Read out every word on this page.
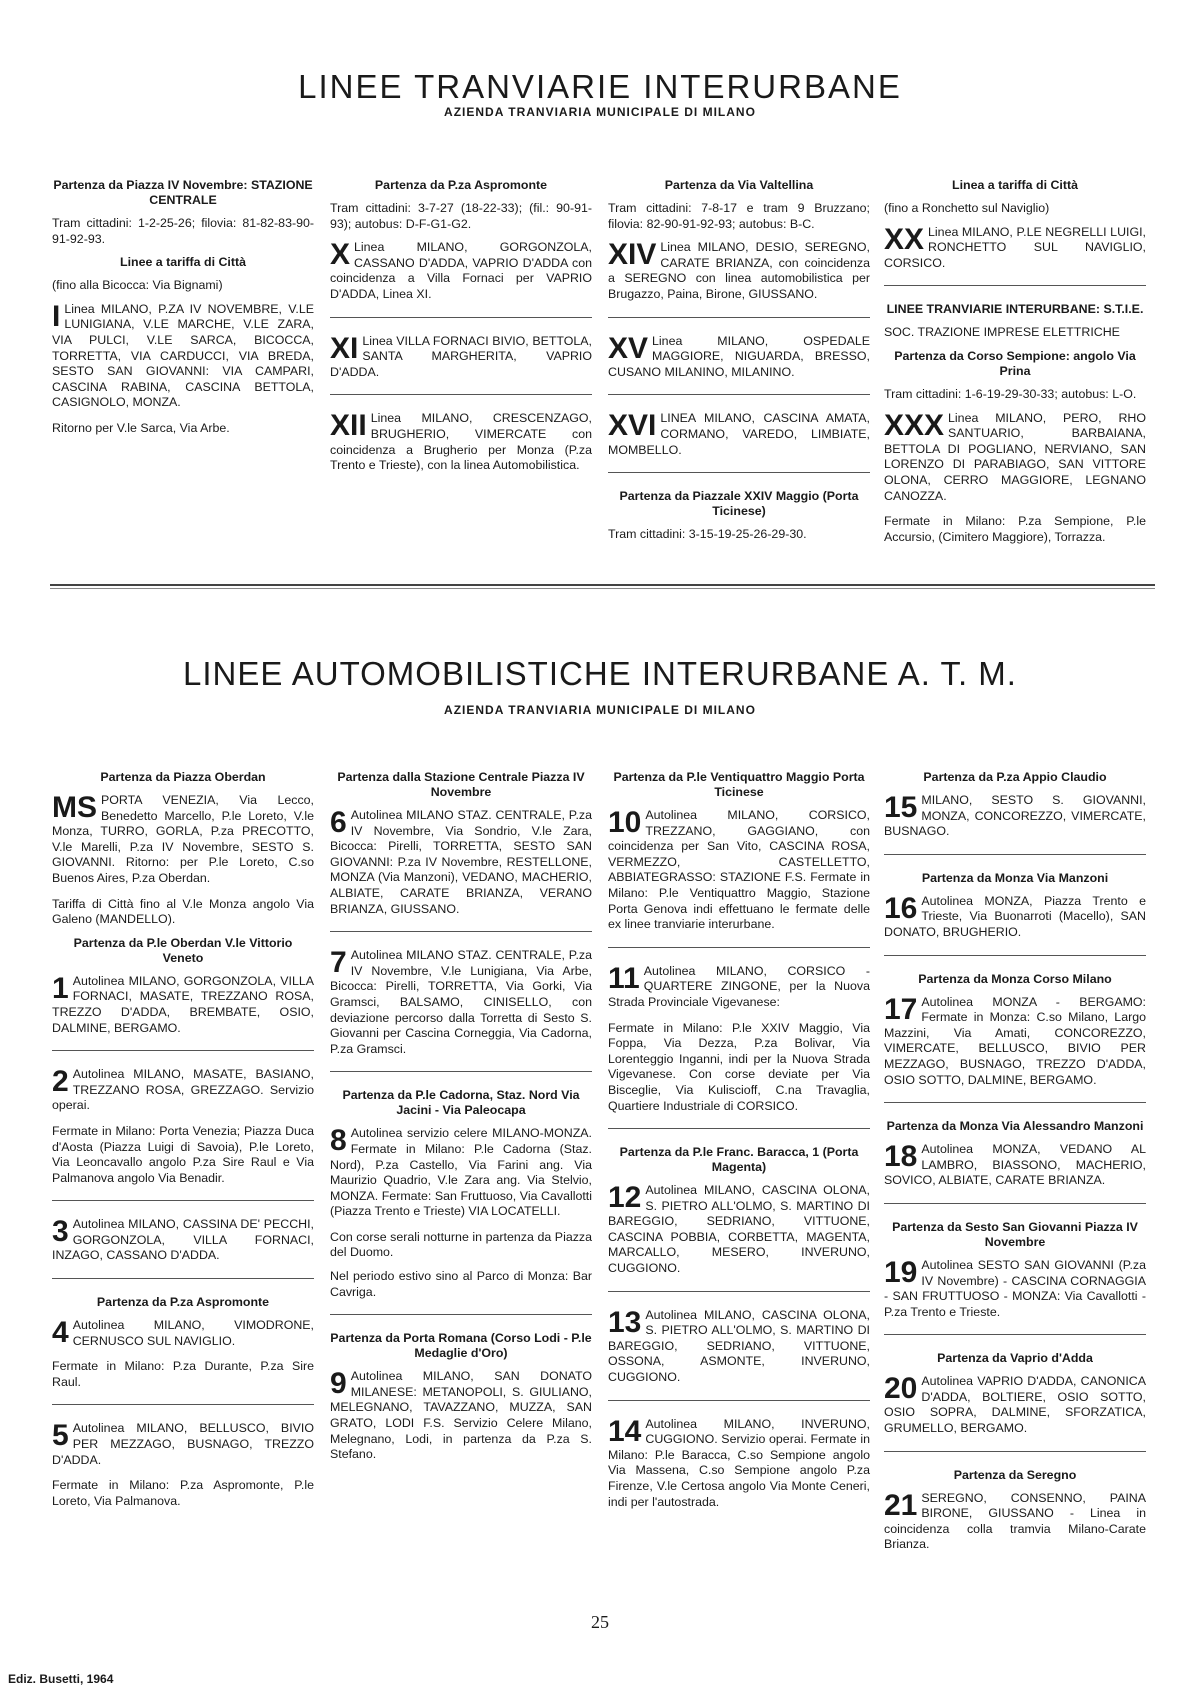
LINEE TRANVIARIE INTERURBANE
AZIENDA TRANVIARIA MUNICIPALE DI MILANO
Partenza da Piazza IV Novembre: STAZIONE CENTRALE
Tram cittadini: 1-2-25-26; filovia: 81-82-83-90-91-92-93.
Linee a tariffa di Città
(fino alla Bicocca: Via Bignami)
I Linea MILANO, P.ZA IV NOVEMBRE, V.LE LUNIGIANA, V.LE MARCHE, V.LE ZARA, VIA PULCI, V.LE SARCA, BICOCCA, TORRETTA, VIA CARDUCCI, VIA BREDA, SESTO SAN GIOVANNI: VIA CAMPARI, CASCINA RABINA, CASCINA BETTOLA, CASIGNOLO, MONZA.
Ritorno per V.le Sarca, Via Arbe.
Partenza da P.za Aspromonte
Tram cittadini: 3-7-27 (18-22-33); (fil.: 90-91-93); autobus: D-F-G1-G2.
X Linea MILANO, GORGONZOLA, CASSANO D'ADDA, VAPRIO D'ADDA con coincidenza a Villa Fornaci per VAPRIO D'ADDA, Linea XI.
XI Linea VILLA FORNACI BIVIO, BETTOLA, SANTA MARGHERITA, VAPRIO D'ADDA.
XII Linea MILANO, CRESCENZAGO, BRUGHERIO, VIMERCATE con coincidenza a Brugherio per Monza (P.za Trento e Trieste), con la linea Automobilistica.
Partenza da Via Valtellina
Tram cittadini: 7-8-17 e tram 9 Bruzzano; filovia: 82-90-91-92-93; autobus: B-C.
XIV Linea MILANO, DESIO, SEREGNO, CARATE BRIANZA, con coincidenza a SEREGNO con linea automobilistica per Brugazzo, Paina, Birone, GIUSSANO.
XV Linea MILANO, OSPEDALE MAGGIORE, NIGUARDA, BRESSO, CUSANO MILANINO, MILANINO.
XVI LINEA MILANO, CASCINA AMATA, CORMANO, VAREDO, LIMBIATE, MOMBELLO.
Partenza da Piazzale XXIV Maggio (Porta Ticinese)
Tram cittadini: 3-15-19-25-26-29-30.
Linea a tariffa di Città
(fino a Ronchetto sul Naviglio)
XX Linea MILANO, P.LE NEGRELLI LUIGI, RONCHETTO SUL NAVIGLIO, CORSICO.
LINEE TRANVIARIE INTERURBANE: S.T.I.E.
SOC. TRAZIONE IMPRESE ELETTRICHE
Partenza da Corso Sempione: angolo Via Prina
Tram cittadini: 1-6-19-29-30-33; autobus: L-O.
XXX Linea MILANO, PERO, RHO SANTUARIO, BARBAIANA, BETTOLA DI POGLIANO, NERVIANO, SAN LORENZO DI PARABIAGO, SAN VITTORE OLONA, CERRO MAGGIORE, LEGNANO CANOZZA.
Fermate in Milano: P.za Sempione, P.le Accursio, (Cimitero Maggiore), Torrazza.
LINEE AUTOMOBILISTICHE INTERURBANE A. T. M.
AZIENDA TRANVIARIA MUNICIPALE DI MILANO
Partenza da Piazza Oberdan
MS PORTA VENEZIA, Via Lecco, Benedetto Marcello, P.le Loreto, V.le Monza, TURRO, GORLA, P.za PRECOTTO, V.le Marelli, P.za IV Novembre, SESTO S. GIOVANNI. Ritorno: per P.le Loreto, C.so Buenos Aires, P.za Oberdan.
Tariffa di Città fino al V.le Monza angolo Via Galeno (MANDELLO).
Partenza da P.le Oberdan V.le Vittorio Veneto
1 Autolinea MILANO, GORGONZOLA, VILLA FORNACI, MASATE, TREZZANO ROSA, TREZZO D'ADDA, BREMBATE, OSIO, DALMINE, BERGAMO.
2 Autolinea MILANO, MASATE, BASIANO, TREZZANO ROSA, GREZZAGO. Servizio operai.
Fermate in Milano: Porta Venezia; Piazza Duca d'Aosta (Piazza Luigi di Savoia), P.le Loreto, Via Leoncavallo angolo P.za Sire Raul e Via Palmanova angolo Via Benadir.
3 Autolinea MILANO, CASSINA DE' PECCHI, GORGONZOLA, VILLA FORNACI, INZAGO, CASSANO D'ADDA.
Partenza da P.za Aspromonte
4 Autolinea MILANO, VIMODRONE, CERNUSCO SUL NAVIGLIO.
Fermate in Milano: P.za Durante, P.za Sire Raul.
5 Autolinea MILANO, BELLUSCO, BIVIO PER MEZZAGO, BUSNAGO, TREZZO D'ADDA.
Fermate in Milano: P.za Aspromonte, P.le Loreto, Via Palmanova.
Partenza dalla Stazione Centrale Piazza IV Novembre
6 Autolinea MILANO STAZ. CENTRALE, P.za IV Novembre, Via Sondrio, V.le Zara, Bicocca: Pirelli, TORRETTA, SESTO SAN GIOVANNI: P.za IV Novembre, RESTELLONE, MONZA (Via Manzoni), VEDANO, MACHERIO, ALBIATE, CARATE BRIANZA, VERANO BRIANZA, GIUSSANO.
7 Autolinea MILANO STAZ. CENTRALE, P.za IV Novembre, V.le Lunigiana, Via Arbe, Bicocca: Pirelli, TORRETTA, Via Gorki, Via Gramsci, BALSAMO, CINISELLO, con deviazione percorso dalla Torretta di Sesto S. Giovanni per Cascina Corneggia, Via Cadorna, P.za Gramsci.
Partenza da P.le Cadorna, Staz. Nord Via Jacini - Via Paleocapa
8 Autolinea servizio celere MILANO-MONZA. Fermate in Milano: P.le Cadorna (Staz. Nord), P.za Castello, Via Farini ang. Via Maurizio Quadrio, V.le Zara ang. Via Stelvio, MONZA. Fermate: San Fruttuoso, Via Cavallotti (Piazza Trento e Trieste) VIA LOCATELLI.
Con corse serali notturne in partenza da Piazza del Duomo.
Nel periodo estivo sino al Parco di Monza: Bar Cavriga.
Partenza da Porta Romana (Corso Lodi - P.le Medaglie d'Oro)
9 Autolinea MILANO, SAN DONATO MILANESE: METANOPOLI, S. GIULIANO, MELEGNANO, TAVAZZANO, MUZZA, SAN GRATO, LODI F.S. Servizio Celere Milano, Melegnano, Lodi, in partenza da P.za S. Stefano.
Partenza da P.le Ventiquattro Maggio Porta Ticinese
10 Autolinea MILANO, CORSICO, TREZZANO, GAGGIANO, con coincidenza per San Vito, CASCINA ROSA, VERMEZZO, CASTELLETTO, ABBIATEGRASSO: STAZIONE F.S. Fermate in Milano: P.le Ventiquattro Maggio, Stazione Porta Genova indi effettuano le fermate delle ex linee tranviarie interurbane.
11 Autolinea MILANO, CORSICO - QUARTERE ZINGONE, per la Nuova Strada Provinciale Vigevanese:
Fermate in Milano: P.le XXIV Maggio, Via Foppa, Via Dezza, P.za Bolivar, Via Lorenteggio Inganni, indi per la Nuova Strada Vigevanese. Con corse deviate per Via Bisceglie, Via Kuliscioff, C.na Travaglia, Quartiere Industriale di CORSICO.
Partenza da P.le Franc. Baracca, 1 (Porta Magenta)
12 Autolinea MILANO, CASCINA OLONA, S. PIETRO ALL'OLMO, S. MARTINO DI BAREGGIO, SEDRIANO, VITTUONE, CASCINA POBBIA, CORBETTA, MAGENTA, MARCALLO, MESERO, INVERUNO, CUGGIONO.
13 Autolinea MILANO, CASCINA OLONA, S. PIETRO ALL'OLMO, S. MARTINO DI BAREGGIO, SEDRIANO, VITTUONE, OSSONA, ASMONTE, INVERUNO, CUGGIONO.
14 Autolinea MILANO, INVERUNO, CUGGIONO. Servizio operai. Fermate in Milano: P.le Baracca, C.so Sempione angolo Via Massena, C.so Sempione angolo P.za Firenze, V.le Certosa angolo Via Monte Ceneri, indi per l'autostrada.
Partenza da P.za Appio Claudio
15 MILANO, SESTO S. GIOVANNI, MONZA, CONCOREZZO, VIMERCATE, BUSNAGO.
Partenza da Monza Via Manzoni
16 Autolinea MONZA, Piazza Trento e Trieste, Via Buonarroti (Macello), SAN DONATO, BRUGHERIO.
Partenza da Monza Corso Milano
17 Autolinea MONZA - BERGAMO: Fermate in Monza: C.so Milano, Largo Mazzini, Via Amati, CONCOREZZO, VIMERCATE, BELLUSCO, BIVIO PER MEZZAGO, BUSNAGO, TREZZO D'ADDA, OSIO SOTTO, DALMINE, BERGAMO.
Partenza da Monza Via Alessandro Manzoni
18 Autolinea MONZA, VEDANO AL LAMBRO, BIASSONO, MACHERIO, SOVICO, ALBIATE, CARATE BRIANZA.
Partenza da Sesto San Giovanni Piazza IV Novembre
19 Autolinea SESTO SAN GIOVANNI (P.za IV Novembre) - CASCINA CORNAGGIA - SAN FRUTTUOSO - MONZA: Via Cavallotti - P.za Trento e Trieste.
Partenza da Vaprio d'Adda
20 Autolinea VAPRIO D'ADDA, CANONICA D'ADDA, BOLTIERE, OSIO SOTTO, OSIO SOPRA, DALMINE, SFORZATICA, GRUMELLO, BERGAMO.
Partenza da Seregno
21 SEREGNO, CONSENNO, PAINA BIRONE, GIUSSANO - Linea in coincidenza colla tramvia Milano-Carate Brianza.
25
Ediz. Busetti, 1964
